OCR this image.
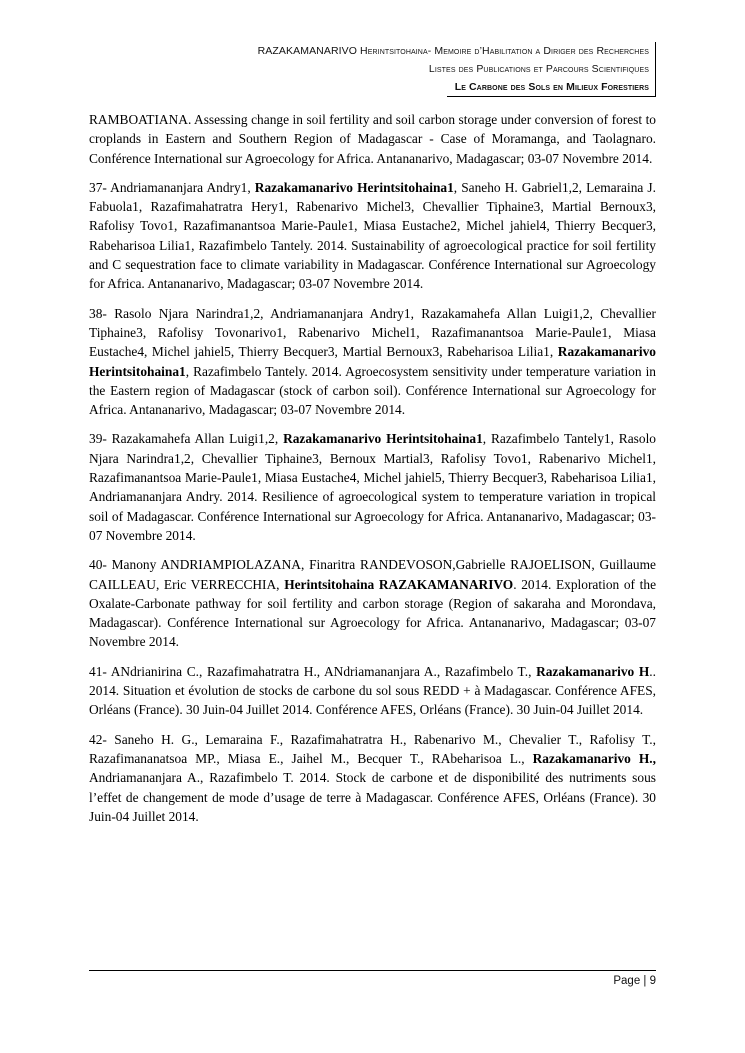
RAZAKAMANARIVO Herintsitohaina- Memoire d’Habilitation a Diriger des Recherches
Listes des Publications et Parcours Scientifiques
Le Carbone des Sols en Milieux Forestiers

RAMBOATIANA. Assessing change in soil fertility and soil carbon storage under conversion of forest to croplands in Eastern and Southern Region of Madagascar - Case of Moramanga, and Taolagnaro. Conférence International sur Agroecology for Africa. Antananarivo, Madagascar; 03-07 Novembre 2014.

37- Andriamananjara Andry1, Razakamanarivo Herintsitohaina1, Saneho H. Gabriel1,2, Lemaraina J. Fabuola1, Razafimahatratra Hery1, Rabenarivo Michel3, Chevallier Tiphaine3, Martial Bernoux3, Rafolisy Tovo1, Razafimanantsoa Marie-Paule1, Miasa Eustache2, Michel jahiel4, Thierry Becquer3, Rabeharisoa Lilia1, Razafimbelo Tantely. 2014. Sustainability of agroecological practice for soil fertility and C sequestration face to climate variability in Madagascar. Conférence International sur Agroecology for Africa. Antananarivo, Madagascar; 03-07 Novembre 2014.

38- Rasolo Njara Narindra1,2, Andriamananjara Andry1, Razakamahefa Allan Luigi1,2, Chevallier Tiphaine3, Rafolisy Tovonarivo1, Rabenarivo Michel1, Razafimanantsoa Marie-Paule1, Miasa Eustache4, Michel jahiel5, Thierry Becquer3, Martial Bernoux3, Rabeharisoa Lilia1, Razakamanarivo Herintsitohaina1, Razafimbelo Tantely. 2014. Agroecosystem sensitivity under temperature variation in the Eastern region of Madagascar (stock of carbon soil). Conférence International sur Agroecology for Africa. Antananarivo, Madagascar; 03-07 Novembre 2014.

39- Razakamahefa Allan Luigi1,2, Razakamanarivo Herintsitohaina1, Razafimbelo Tantely1, Rasolo Njara Narindra1,2, Chevallier Tiphaine3, Bernoux Martial3, Rafolisy Tovo1, Rabenarivo Michel1, Razafimanantsoa Marie-Paule1, Miasa Eustache4, Michel jahiel5, Thierry Becquer3, Rabeharisoa Lilia1, Andriamananjara Andry. 2014. Resilience of agroecological system to temperature variation in tropical soil of Madagascar. Conférence International sur Agroecology for Africa. Antananarivo, Madagascar; 03-07 Novembre 2014.

40- Manony ANDRIAMPIOLAZANA, Finaritra RANDEVOSON,Gabrielle RAJOELISON, Guillaume CAILLEAU, Eric VERRECCHIA, Herintsitohaina RAZAKAMANARIVO. 2014. Exploration of the Oxalate-Carbonate pathway for soil fertility and carbon storage (Region of sakaraha and Morondava, Madagascar). Conférence International sur Agroecology for Africa. Antananarivo, Madagascar; 03-07 Novembre 2014.

41- ANdrianirina C., Razafimahatratra H., ANdriamananjara A., Razafimbelo T., Razakamanarivo H.. 2014. Situation et évolution de stocks de carbone du sol sous REDD + à Madagascar. Conférence AFES, Orléans (France). 30 Juin-04 Juillet 2014. Conférence AFES, Orléans (France). 30 Juin-04 Juillet 2014.

42- Saneho H. G., Lemaraina F., Razafimahatratra H., Rabenarivo M., Chevalier T., Rafolisy T., Razafimananatsoa MP., Miasa E., Jaihel M., Becquer T., RAbeharisoa L., Razakamanarivo H., Andriamananjara A., Razafimbelo T. 2014. Stock de carbone et de disponibilité des nutriments sous l’effet de changement de mode d’usage de terre à Madagascar. Conférence AFES, Orléans (France). 30 Juin-04 Juillet 2014.

Page | 9
